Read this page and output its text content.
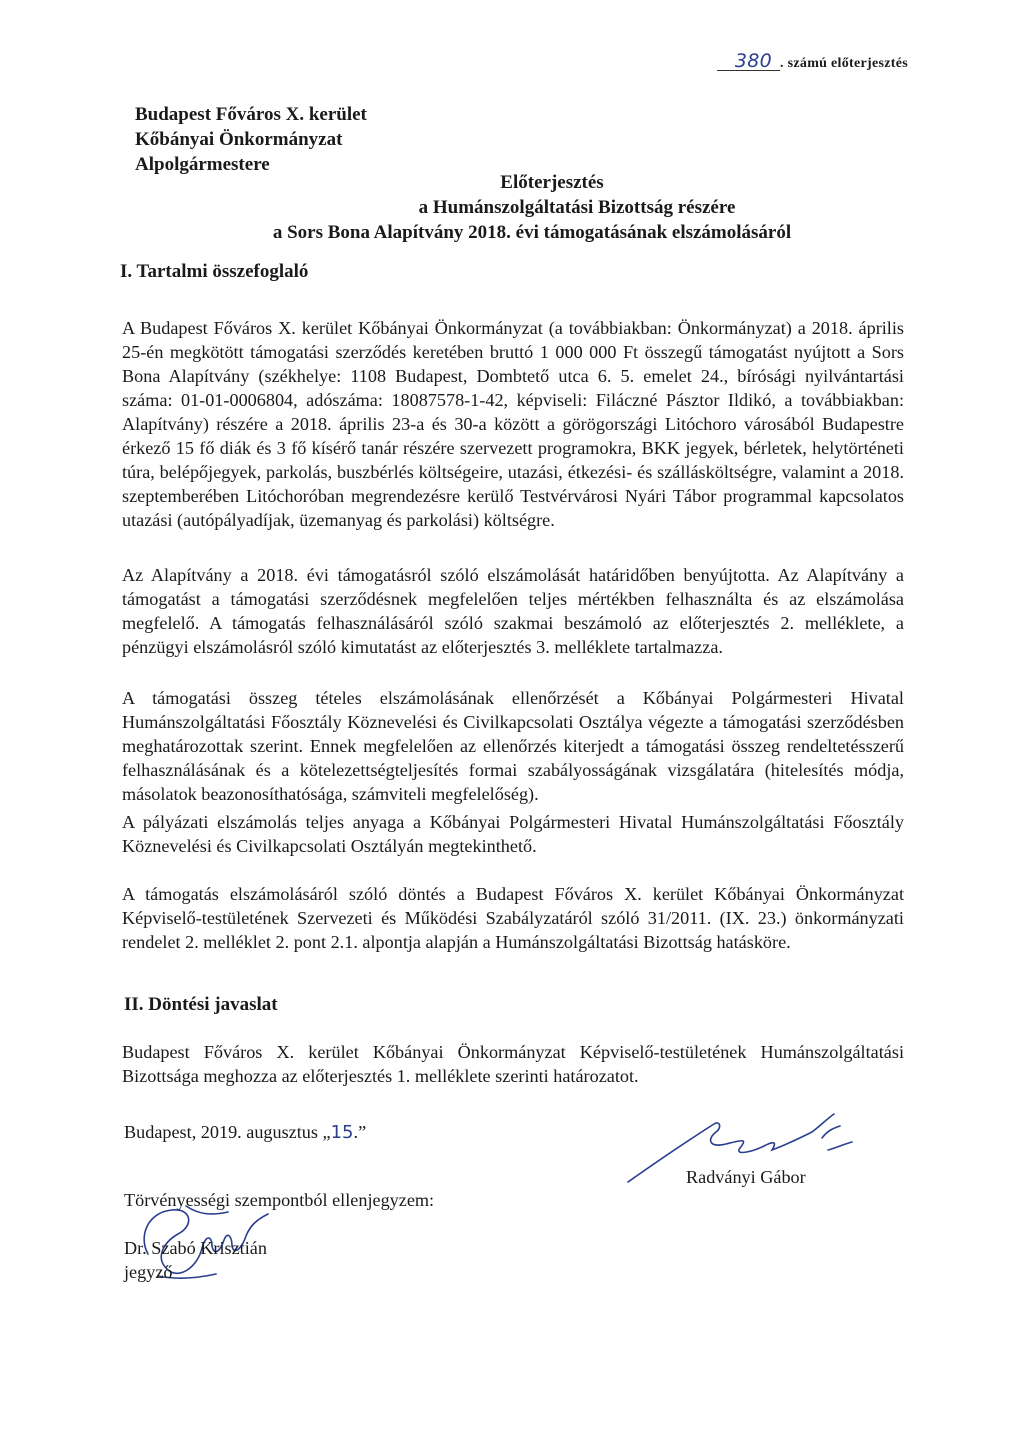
380 . számú előterjesztés
Budapest Főváros X. kerület
Kőbányai Önkormányzat
Alpolgármestere
Előterjesztés
a Humánszolgáltatási Bizottság részére
a Sors Bona Alapítvány 2018. évi támogatásának elszámolásáról
I. Tartalmi összefoglaló

A Budapest Főváros X. kerület Kőbányai Önkormányzat (a továbbiakban: Önkormányzat) a 2018. április 25-én megkötött támogatási szerződés keretében bruttó 1 000 000 Ft összegű támogatást nyújtott a Sors Bona Alapítvány (székhelye: 1108 Budapest, Dombtető utca 6. 5. emelet 24., bírósági nyilvántartási száma: 01-01-0006804, adószáma: 18087578-1-42, képviseli: Filáczné Pásztor Ildikó, a továbbiakban: Alapítvány) részére a 2018. április 23-a és 30-a között a görögországi Litóchoro városából Budapestre érkező 15 fő diák és 3 fő kísérő tanár részére szervezett programokra, BKK jegyek, bérletek, helytörténeti túra, belépőjegyek, parkolás, buszbérlés költségeire, utazási, étkezési- és szállásköltségre, valamint a 2018. szeptemberében Litóchoróban megrendezésre kerülő Testvérvárosi Nyári Tábor programmal kapcsolatos utazási (autópályadíjak, üzemanyag és parkolási) költségre.

Az Alapítvány a 2018. évi támogatásról szóló elszámolását határidőben benyújtotta. Az Alapítvány a támogatást a támogatási szerződésnek megfelelően teljes mértékben felhasználta és az elszámolása megfelelő. A támogatás felhasználásáról szóló szakmai beszámoló az előterjesztés 2. melléklete, a pénzügyi elszámolásról szóló kimutatást az előterjesztés 3. melléklete tartalmazza.

A támogatási összeg tételes elszámolásának ellenőrzését a Kőbányai Polgármesteri Hivatal Humánszolgáltatási Főosztály Köznevelési és Civilkapcsolati Osztálya végezte a támogatási szerződésben meghatározottak szerint. Ennek megfelelően az ellenőrzés kiterjedt a támogatási összeg rendeltetésszerű felhasználásának és a kötelezettségteljesítés formai szabályosságának vizsgálatára (hitelesítés módja, másolatok beazonosíthatósága, számviteli megfelelőség).

A pályázati elszámolás teljes anyaga a Kőbányai Polgármesteri Hivatal Humánszolgáltatási Főosztály Köznevelési és Civilkapcsolati Osztályán megtekinthető.

A támogatás elszámolásáról szóló döntés a Budapest Főváros X. kerület Kőbányai Önkormányzat Képviselő-testületének Szervezeti és Működési Szabályzatáról szóló 31/2011. (IX. 23.) önkormányzati rendelet 2. melléklet 2. pont 2.1. alpontja alapján a Humánszolgáltatási Bizottság hatásköre.

II. Döntési javaslat

Budapest Főváros X. kerület Kőbányai Önkormányzat Képviselő-testületének Humánszolgáltatási Bizottsága meghozza az előterjesztés 1. melléklete szerinti határozatot.

Budapest, 2019. augusztus „15.”
Radványi Gábor
Törvényességi szempontból ellenjegyzem:
Dr. Szabó Krisztián
jegyző
